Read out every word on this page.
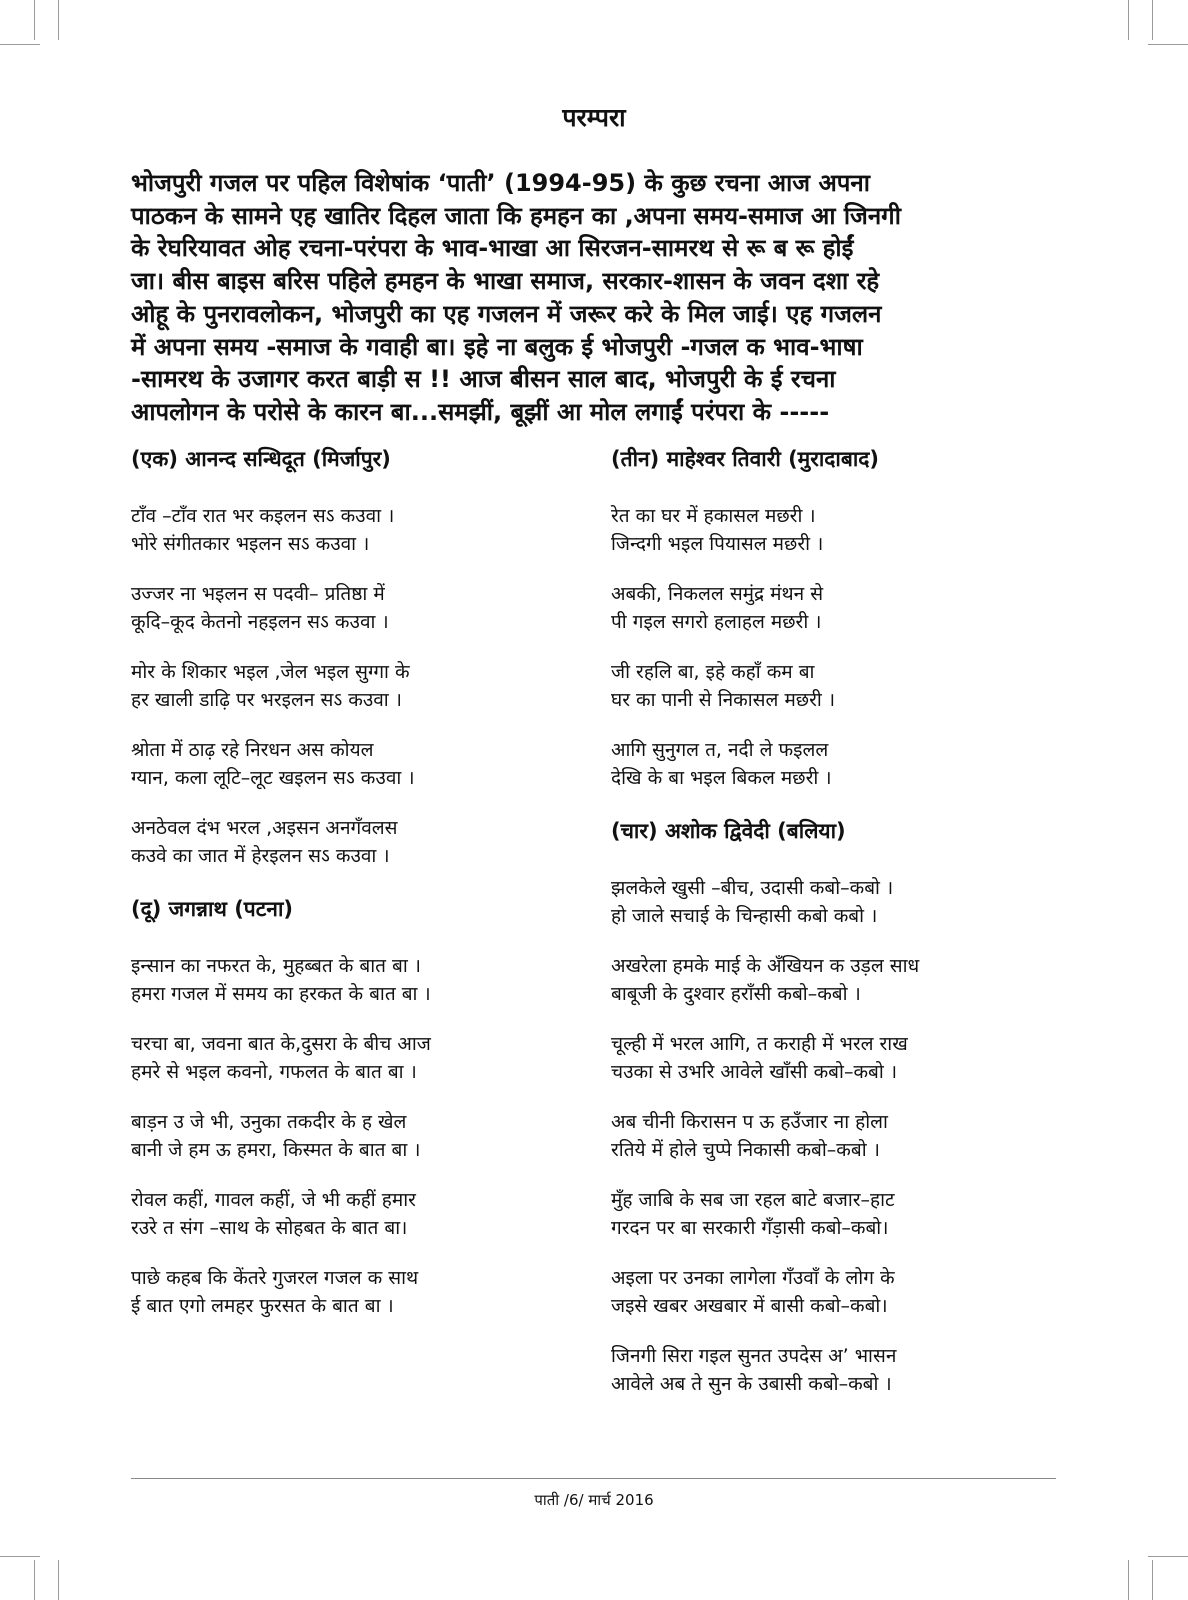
परम्परा

भोजपुरी गजल पर पहिल विशेषांक ‘पाती’ (1994-95) के कुछ रचना आज अपना
पाठकन के सामने एह खातिर दिहल जाता कि हमहन का ,अपना समय-समाज आ जिनगी
के रेघरियावत ओह रचना-परंपरा के भाव-भाखा आ सिरजन-सामरथ से रू ब रू होईं
जा। बीस बाइस बरिस पहिले हमहन के भाखा समाज, सरकार-शासन के जवन दशा रहे
ओहू के पुनरावलोकन, भोजपुरी का एह गजलन में जरूर करे के मिल जाई। एह गजलन
में अपना समय -समाज के गवाही बा। इहे ना बलुक ई भोजपुरी -गजल क भाव-भाषा
-सामरथ के उजागर करत बाड़ी स !! आज बीसन साल बाद, भोजपुरी के ई रचना
आपलोगन के परोसे के कारन बा...समझीं, बूझीं आ मोल लगाईं परंपरा के -----

(एक) आनन्द सन्धिदूत (मिर्जापुर)
टाँव –टाँव रात भर कइलन सऽ कउवा ।
भोरे संगीतकार भइलन सऽ कउवा ।
उज्जर ना भइलन स पदवी– प्रतिष्ठा में
कूदि–कूद केतनो नहइलन सऽ कउवा ।
मोर के शिकार भइल ,जेल भइल सुग्गा के
हर खाली डाढ़ि पर भरइलन सऽ कउवा ।
श्रोता में ठाढ़ रहे निरधन अस कोयल
ग्यान, कला लूटि–लूट खइलन सऽ कउवा ।
अनठेवल दंभ भरल ,अइसन अनगँवलस
कउवे का जात में हेरइलन सऽ कउवा ।
(दू) जगन्नाथ (पटना)
इन्सान का नफरत के, मुहब्बत के बात बा ।
हमरा गजल में समय का हरकत के बात बा ।
चरचा बा, जवना बात के,दुसरा के बीच आज
हमरे से भइल कवनो, गफलत के बात बा ।
बाड़न उ जे भी, उनुका तकदीर के ह खेल
बानी जे हम ऊ हमरा, किस्मत के बात बा ।
रोवल कहीं, गावल कहीं, जे भी कहीं हमार
रउरे त संग –साथ के सोहबत के बात बा।
पाछे कहब कि केंतरे गुजरल गजल क साथ
ई बात एगो लमहर फुरसत के बात बा ।
(तीन) माहेश्वर तिवारी (मुरादाबाद)
रेत का घर में हकासल मछरी ।
जिन्दगी भइल पियासल मछरी ।
अबकी, निकलल समुंद्र मंथन से
पी गइल सगरो हलाहल मछरी ।
जी रहलि बा, इहे कहाँ कम बा
घर का पानी से निकासल मछरी ।
आगि सुनुगल त, नदी ले फइलल
देखि के बा भइल बिकल मछरी ।
(चार) अशोक द्विवेदी (बलिया)
झलकेले खुसी –बीच, उदासी कबो–कबो ।
हो जाले सचाई के चिन्हासी कबो कबो ।
अखरेला हमके माई के अँखियन क उड़ल साध
बाबूजी के दुश्वार हराँसी कबो–कबो ।
चूल्ही में भरल आगि, त कराही में भरल राख
चउका से उभरि आवेले खाँसी कबो–कबो ।
अब चीनी किरासन प ऊ हउँजार ना होला
रतिये में होले चुप्पे निकासी कबो–कबो ।
मुँह जाबि के सब जा रहल बाटे बजार–हाट
गरदन पर बा सरकारी गँड़ासी कबो–कबो।
अइला पर उनका लागेला गँउवाँ के लोग के
जइसे खबर अखबार में बासी कबो–कबो।
जिनगी सिरा गइल सुनत उपदेस अ’ भासन
आवेले अब ते सुन के उबासी कबो–कबो ।
पाती /6/ मार्च 2016
